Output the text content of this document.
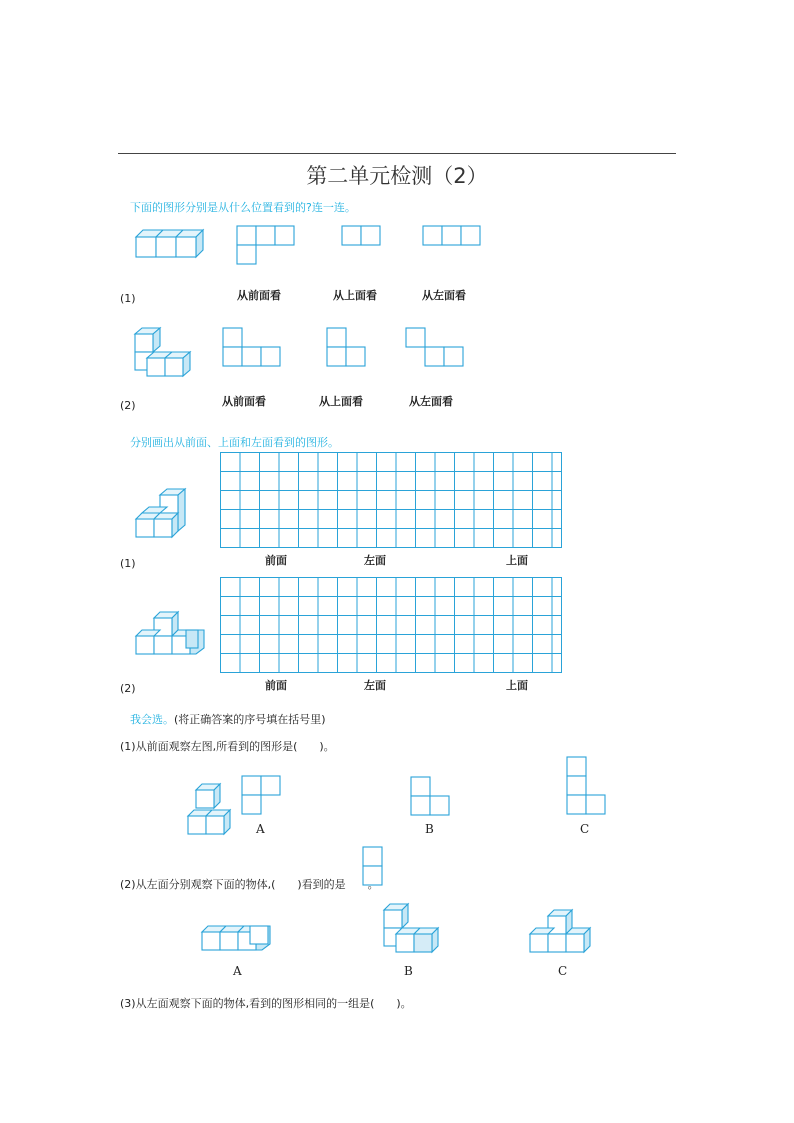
第二单元检测（2）
下面的图形分别是从什么位置看到的?连一连。
从前面看	从上面看	从左面看
(1)
从前面看	从上面看	从左面看
(2)
分别画出从前面、上面和左面看到的图形。
前面	左面	上面
(1)
前面	左面	上面
(2)
我会选。(将正确答案的序号填在括号里)
(1)从前面观察左图,所看到的图形是(　　)。
A	B	C
(2)从左面分别观察下面的物体,(　　)看到的是
A	B	C
(3)从左面观察下面的物体,看到的图形相同的一组是(　　)。
